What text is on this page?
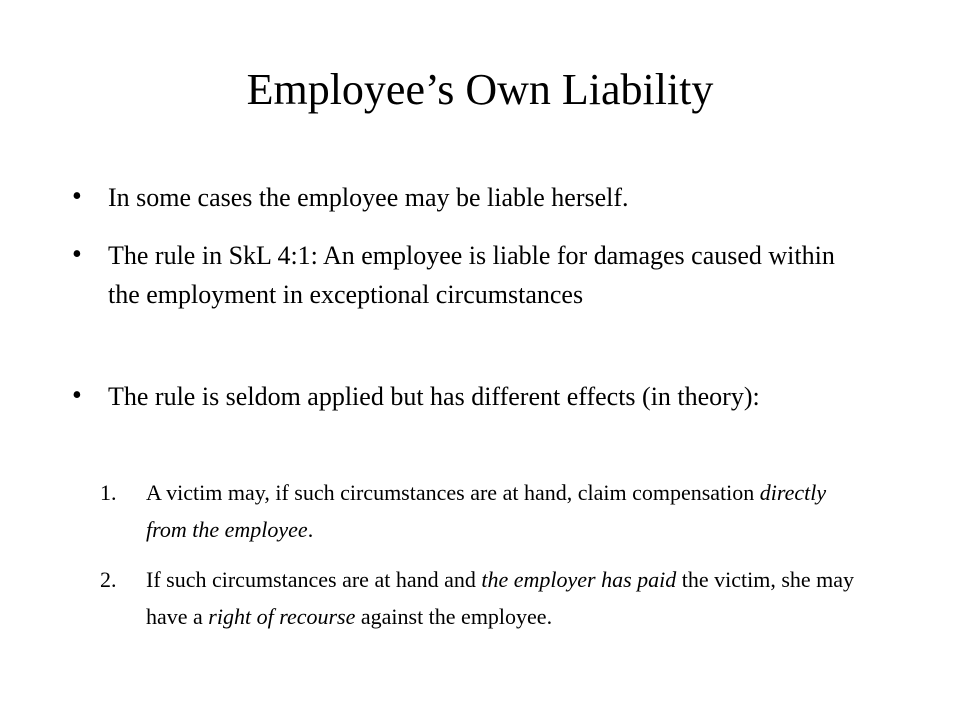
Employee’s Own Liability
• In some cases the employee may be liable herself.
• The rule in SkL 4:1: An employee is liable for damages caused within the employment in exceptional circumstances
• The rule is seldom applied but has different effects (in theory):
1. A victim may, if such circumstances are at hand, claim compensation directly from the employee.
2. If such circumstances are at hand and the employer has paid the victim, she may have a right of recourse against the employee.
